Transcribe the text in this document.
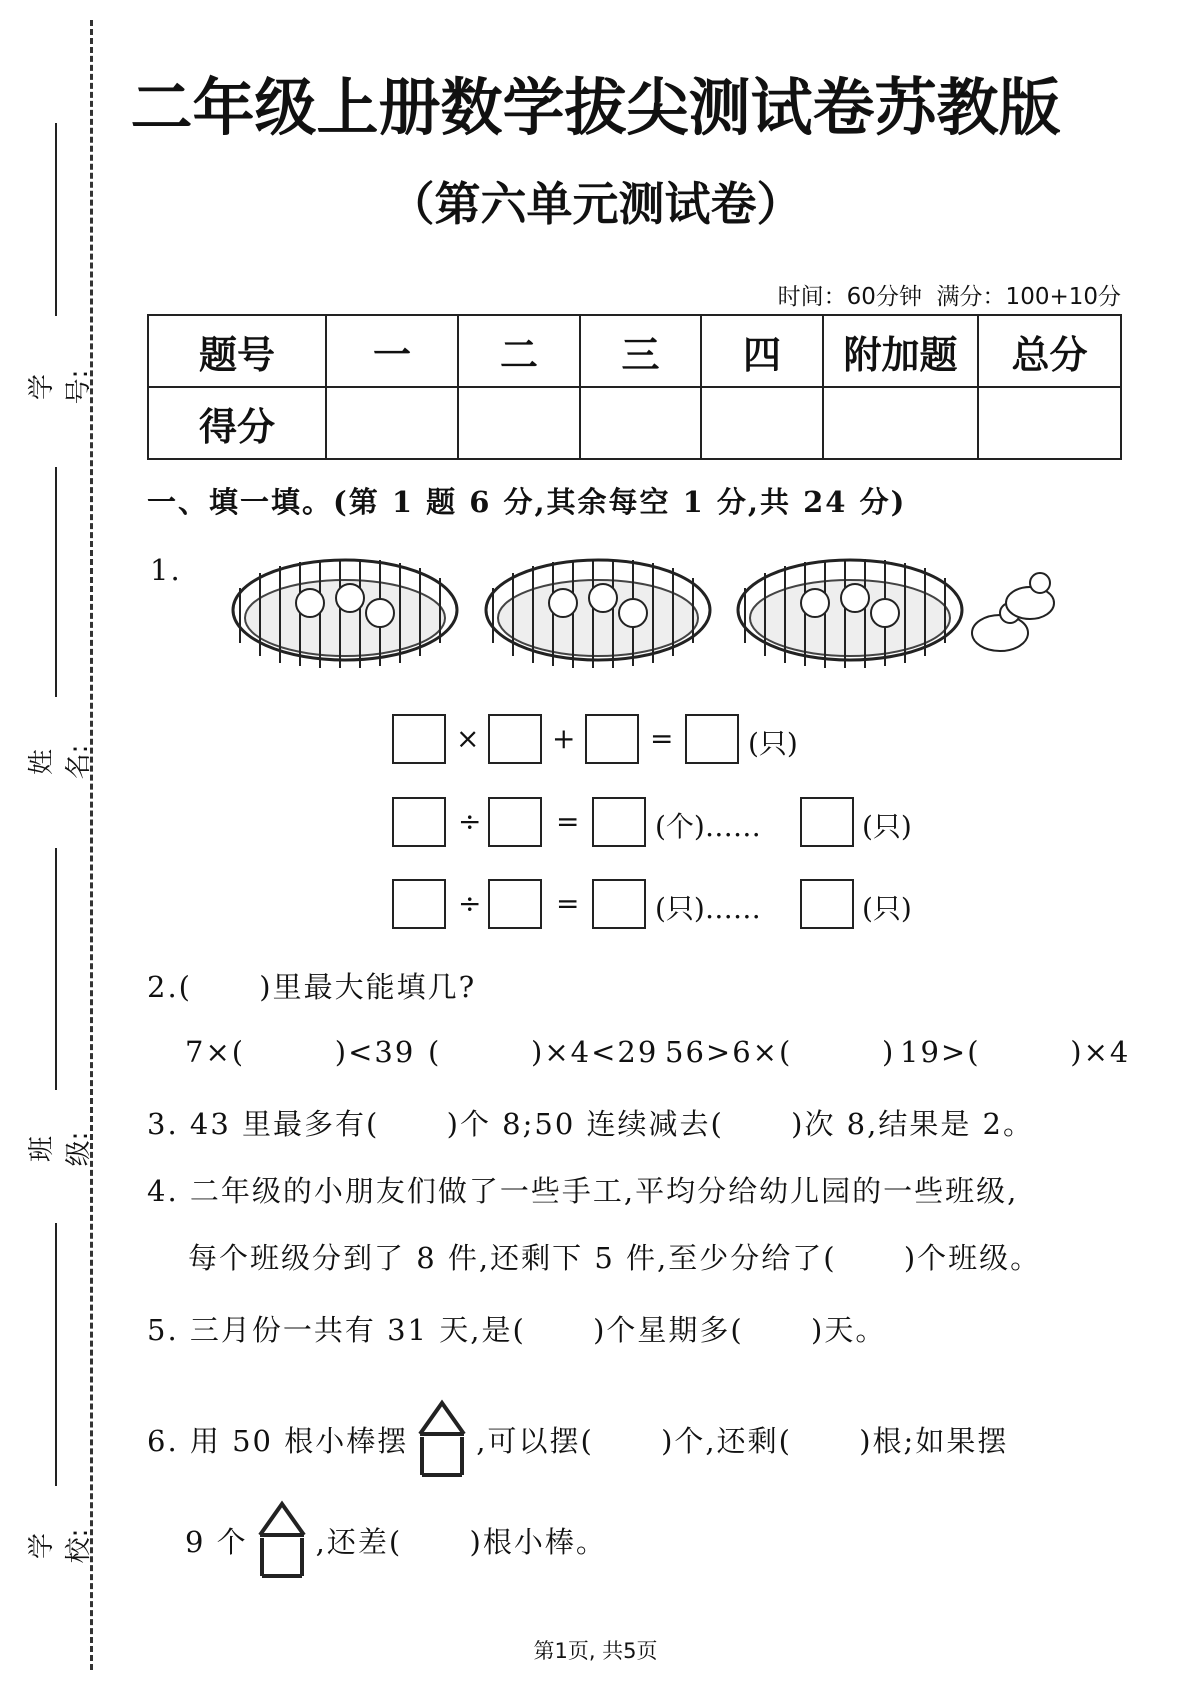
学号:
姓名:
班级:
学校:
二年级上册数学拔尖测试卷苏教版
（第六单元测试卷）
时间：60分钟  满分：100+10分
题号	一	二	三	四	附加题	总分
得分						
一、填一填。(第 1 题 6 分,其余每空 1 分,共 24 分)
1.
×	+	=	(只)
÷	=	(个)……	(只)
÷	=	(只)……	(只)
2.(      )里最大能填几?
7×(        )<39 (        )×4<29 56>6×(        ) 19>(        )×4
3. 43 里最多有(      )个 8;50 连续减去(      )次 8,结果是 2。
4. 二年级的小朋友们做了一些手工,平均分给幼儿园的一些班级,
每个班级分到了 8 件,还剩下 5 件,至少分给了(      )个班级。
5. 三月份一共有 31 天,是(      )个星期多(      )天。
6. 用 50 根小棒摆 ,可以摆(      )个,还剩(      )根;如果摆
9 个 ,还差(      )根小棒。
第1页, 共5页
